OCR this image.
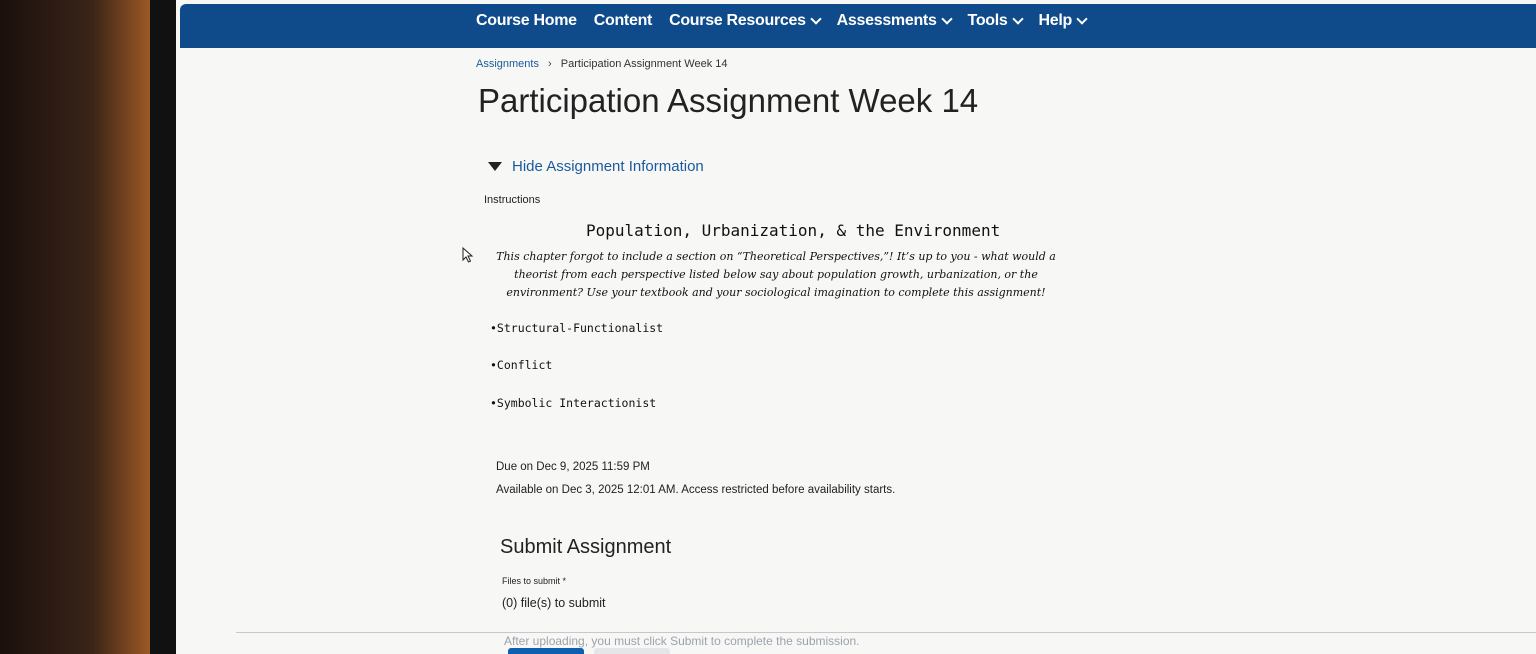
Course Home Content Course Resources Assessments Tools Help
Assignments › Participation Assignment Week 14
Participation Assignment Week 14
Hide Assignment Information
Instructions
Population, Urbanization, & the Environment
This chapter forgot to include a section on “Theoretical Perspectives,”! It’s up to you - what would a theorist from each perspective listed below say about population growth, urbanization, or the environment? Use your textbook and your sociological imagination to complete this assignment!
•Structural-Functionalist
•Conflict
•Symbolic Interactionist
Due on Dec 9, 2025 11:59 PM
Available on Dec 3, 2025 12:01 AM. Access restricted before availability starts.
Submit Assignment
Files to submit *
(0) file(s) to submit
After uploading, you must click Submit to complete the submission.
